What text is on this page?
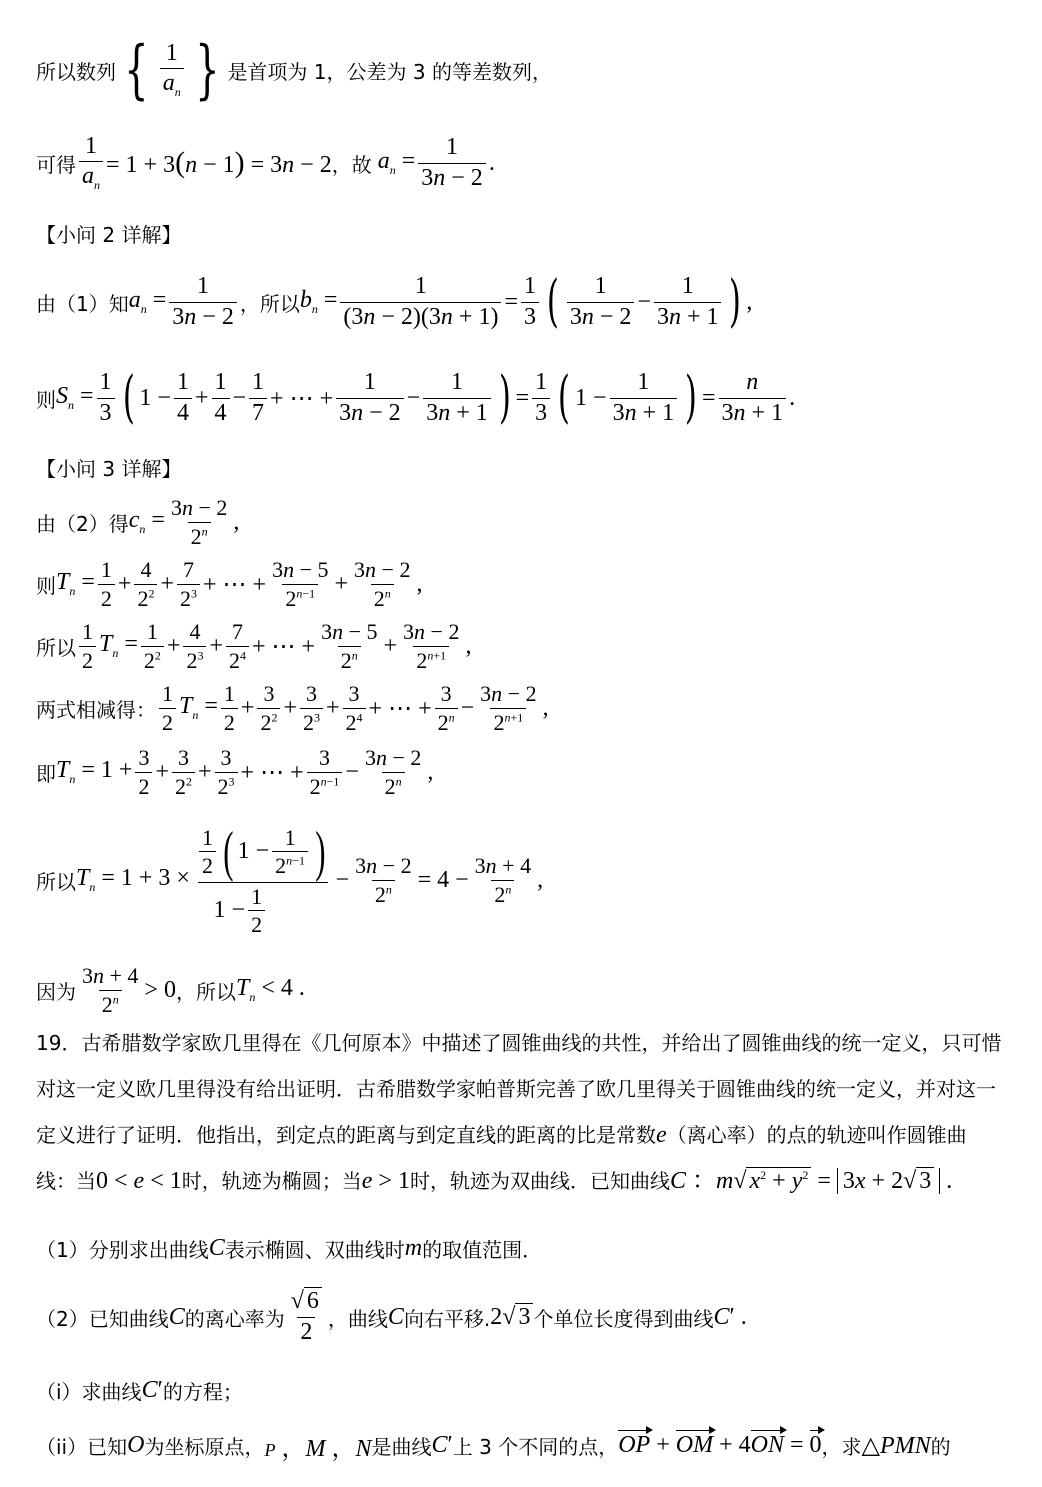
所以数列 { $\frac{1}{a_n}$ } 是首项为 1，公差为 3 的等差数列，
可得 $\frac{1}{a_n} = 1 + 3(n - 1) = 3n - 2$ ，故 $a_n = \frac{1}{3n - 2}$ .
【小问 2 详解】
由（1）知 $a_n = \frac{1}{3n - 2}$ ，所以 $b_n = \frac{1}{(3n - 2)(3n + 1)} = \frac{1}{3}$ ( $\frac{1}{3n - 2} - \frac{1}{3n + 1}$ ) ,
则 $S_n = \frac{1}{3}$ ( $1 - \frac{1}{4} + \frac{1}{4} - \frac{1}{7}$ + ⋯ + $\frac{1}{3n - 2} - \frac{1}{3n + 1}$ ) = $\frac{1}{3}$ ( $1 - \frac{1}{3n + 1}$ ) = $\frac{n}{3n + 1}$ .
【小问 3 详解】
由（2）得 $c_n = \frac{3n - 2}{2^n}$ ,
则 $T_n = \frac{1}{2} + \frac{4}{2^2} + \frac{7}{2^3}$ + ⋯ + $\frac{3n - 5}{2^{n-1}} + \frac{3n - 2}{2^n}$ ,
所以 $\frac{1}{2} T_n = \frac{1}{2^2} + \frac{4}{2^3} + \frac{7}{2^4}$ + ⋯ + $\frac{3n - 5}{2^n} + \frac{3n - 2}{2^{n+1}}$ ,
两式相减得： $\frac{1}{2} T_n = \frac{1}{2} + \frac{3}{2^2} + \frac{3}{2^3} + \frac{3}{2^4}$ + ⋯ + $\frac{3}{2^n} - \frac{3n - 2}{2^{n+1}}$ ,
即 $T_n = 1 + \frac{3}{2} + \frac{3}{2^2} + \frac{3}{2^3}$ + ⋯ + $\frac{3}{2^{n-1}} - \frac{3n - 2}{2^n}$ ,
所以 $T_n = 1 + 3 \times \frac{\frac{1}{2} ( 1 - \frac{1}{2^{n-1}} )}{1 - \frac{1}{2}} - \frac{3n - 2}{2^n} = 4 - \frac{3n + 4}{2^n}$ ,
因为 $\frac{3n + 4}{2^n} > 0$ ，所以 $T_n < 4$ .
19．古希腊数学家欧几里得在《几何原本》中描述了圆锥曲线的共性，并给出了圆锥曲线的统一定义，只可惜对这一定义欧几里得没有给出证明．古希腊数学家帕普斯完善了欧几里得关于圆锥曲线的统一定义，并对这一定义进行了证明．他指出，到定点的距离与到定直线的距离的比是常数e（离心率）的点的轨迹叫作圆锥曲线：当0 < e < 1时，轨迹为椭圆；当e > 1时，轨迹为双曲线．已知曲线C ：m√ $x^2 + y^2 = 3x + 2√$ 3 .
（1）分别求出曲线 C 表示椭圆、双曲线时 m 的取值范围．
（2）已知曲线 C 的离心率为 $\frac{√ 6}{2}$ ，曲线 C 向右平移. 2√ 3 个单位长度得到曲线 C′ .
（i）求曲线 C′ 的方程；
（ii）已知 O 为坐标原点， P ，M ，N 是曲线 C′ 上 3 个不同的点， OP + OM + 4ON = 0 ，求 △PMN 的
